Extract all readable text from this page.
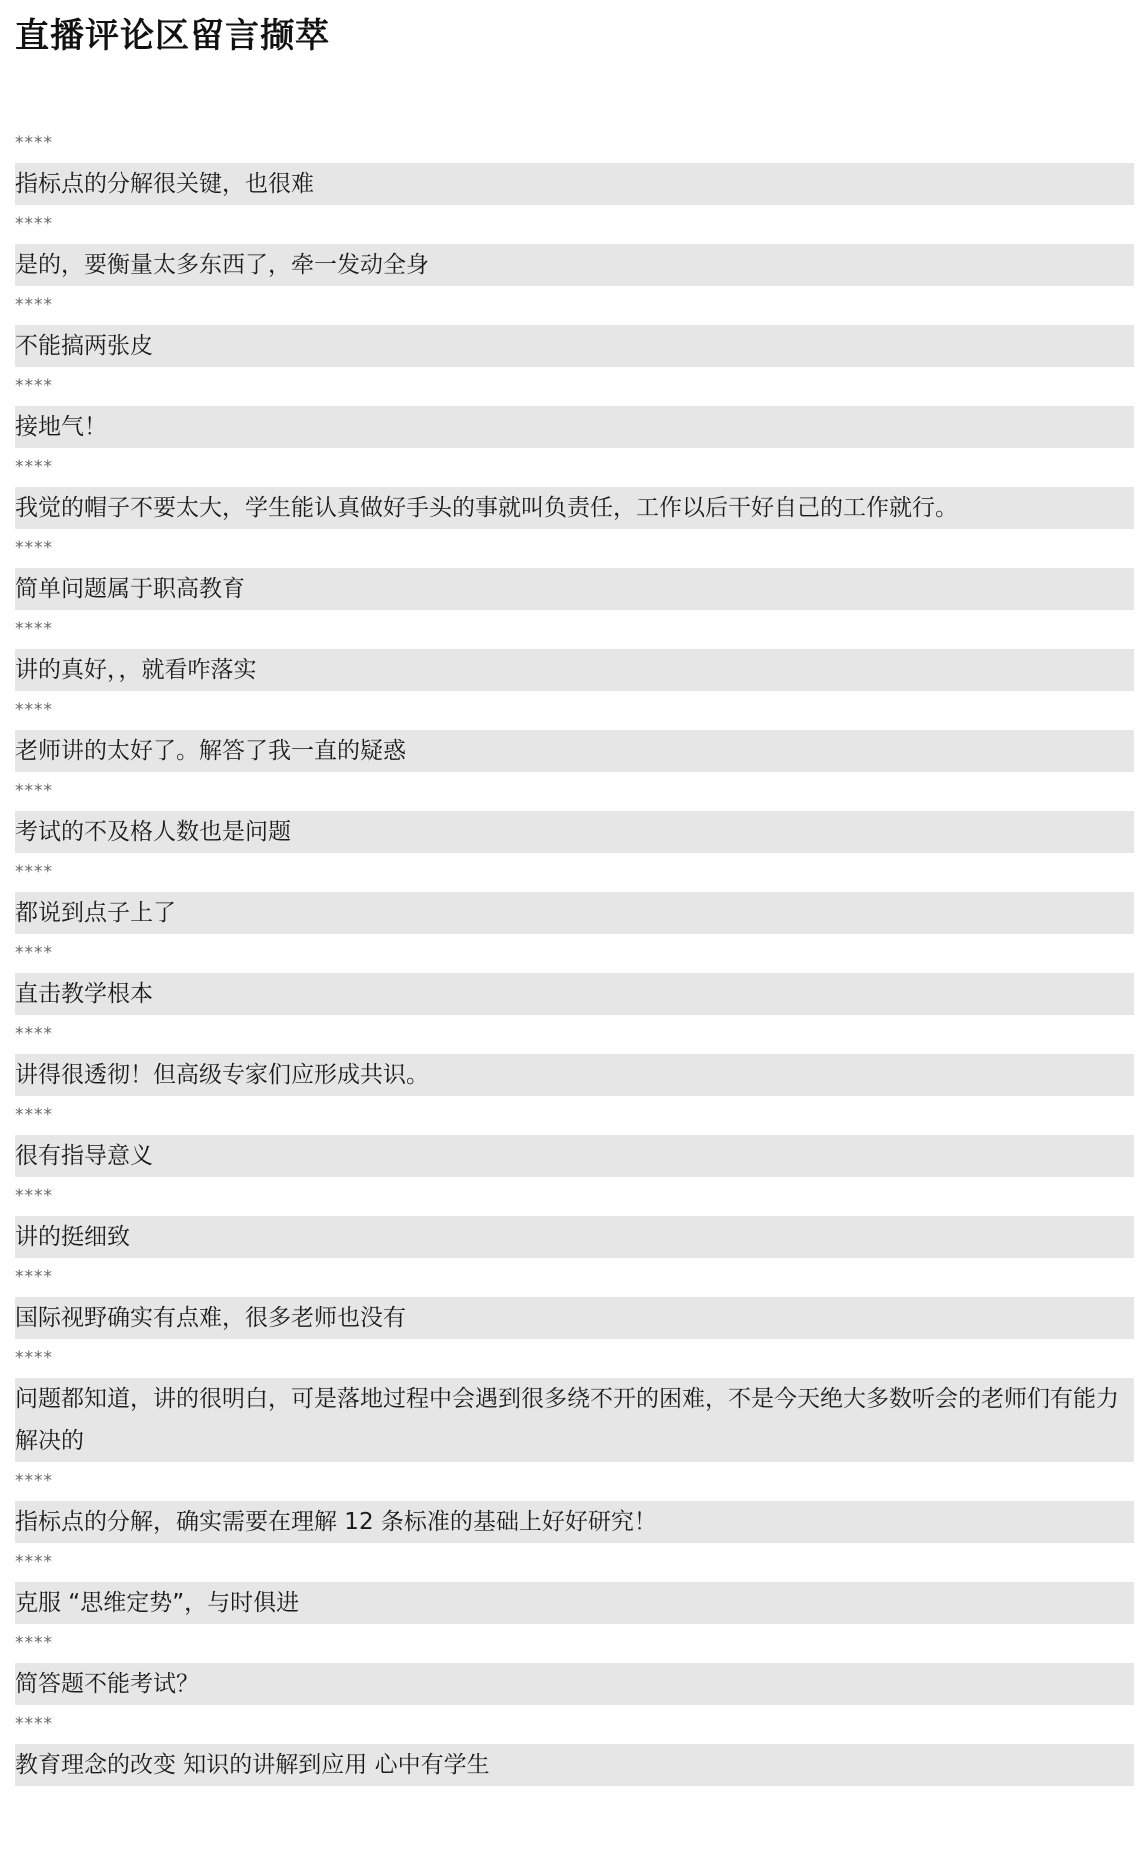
直播评论区留言撷萃
****
指标点的分解很关键，也很难
****
是的，要衡量太多东西了，牵一发动全身
****
不能搞两张皮
****
接地气！
****
我觉的帽子不要太大，学生能认真做好手头的事就叫负责任，工作以后干好自己的工作就行。
****
简单问题属于职高教育
****
讲的真好，，就看咋落实
****
老师讲的太好了。解答了我一直的疑惑
****
考试的不及格人数也是问题
****
都说到点子上了
****
直击教学根本
****
讲得很透彻！但高级专家们应形成共识。
****
很有指导意义
****
讲的挺细致
****
国际视野确实有点难，很多老师也没有
****
问题都知道，讲的很明白，可是落地过程中会遇到很多绕不开的困难，不是今天绝大多数听会的老师们有能力解决的
****
指标点的分解，确实需要在理解 12 条标准的基础上好好研究！
****
克服 “思维定势”，与时俱进
****
简答题不能考试？
****
教育理念的改变 知识的讲解到应用 心中有学生
